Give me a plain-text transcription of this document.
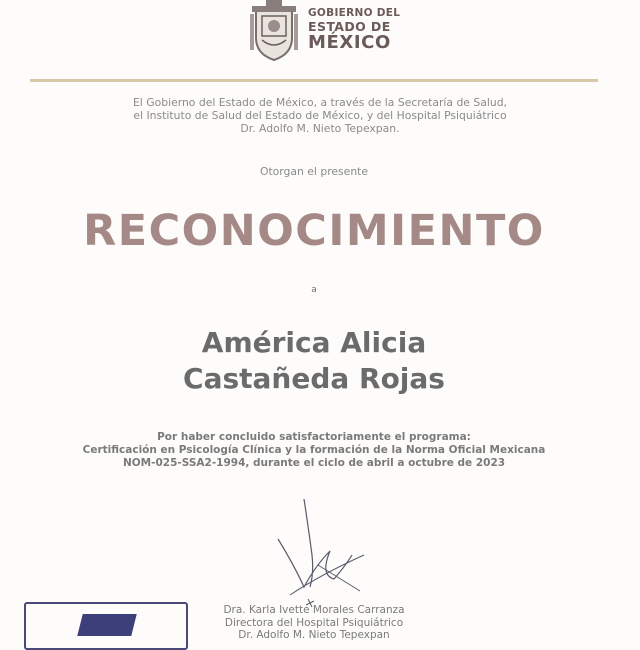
GOBIERNO DEL
ESTADO DE
MÉXICO
El Gobierno del Estado de México, a través de la Secretaría de Salud,
el Instituto de Salud del Estado de México, y del Hospital Psiquiátrico
Dr. Adolfo M. Nieto Tepexpan.
Otorgan el presente
RECONOCIMIENTO
a
América Alicia
Castañeda Rojas
Por haber concluido satisfactoriamente el programa:
Certificación en Psicología Clínica y la formación de la Norma Oficial Mexicana
NOM-025-SSA2-1994, durante el ciclo de abril a octubre de 2023
Dra. Karla Ivette Morales Carranza
Directora del Hospital Psiquiátrico
Dr. Adolfo M. Nieto Tepexpan
